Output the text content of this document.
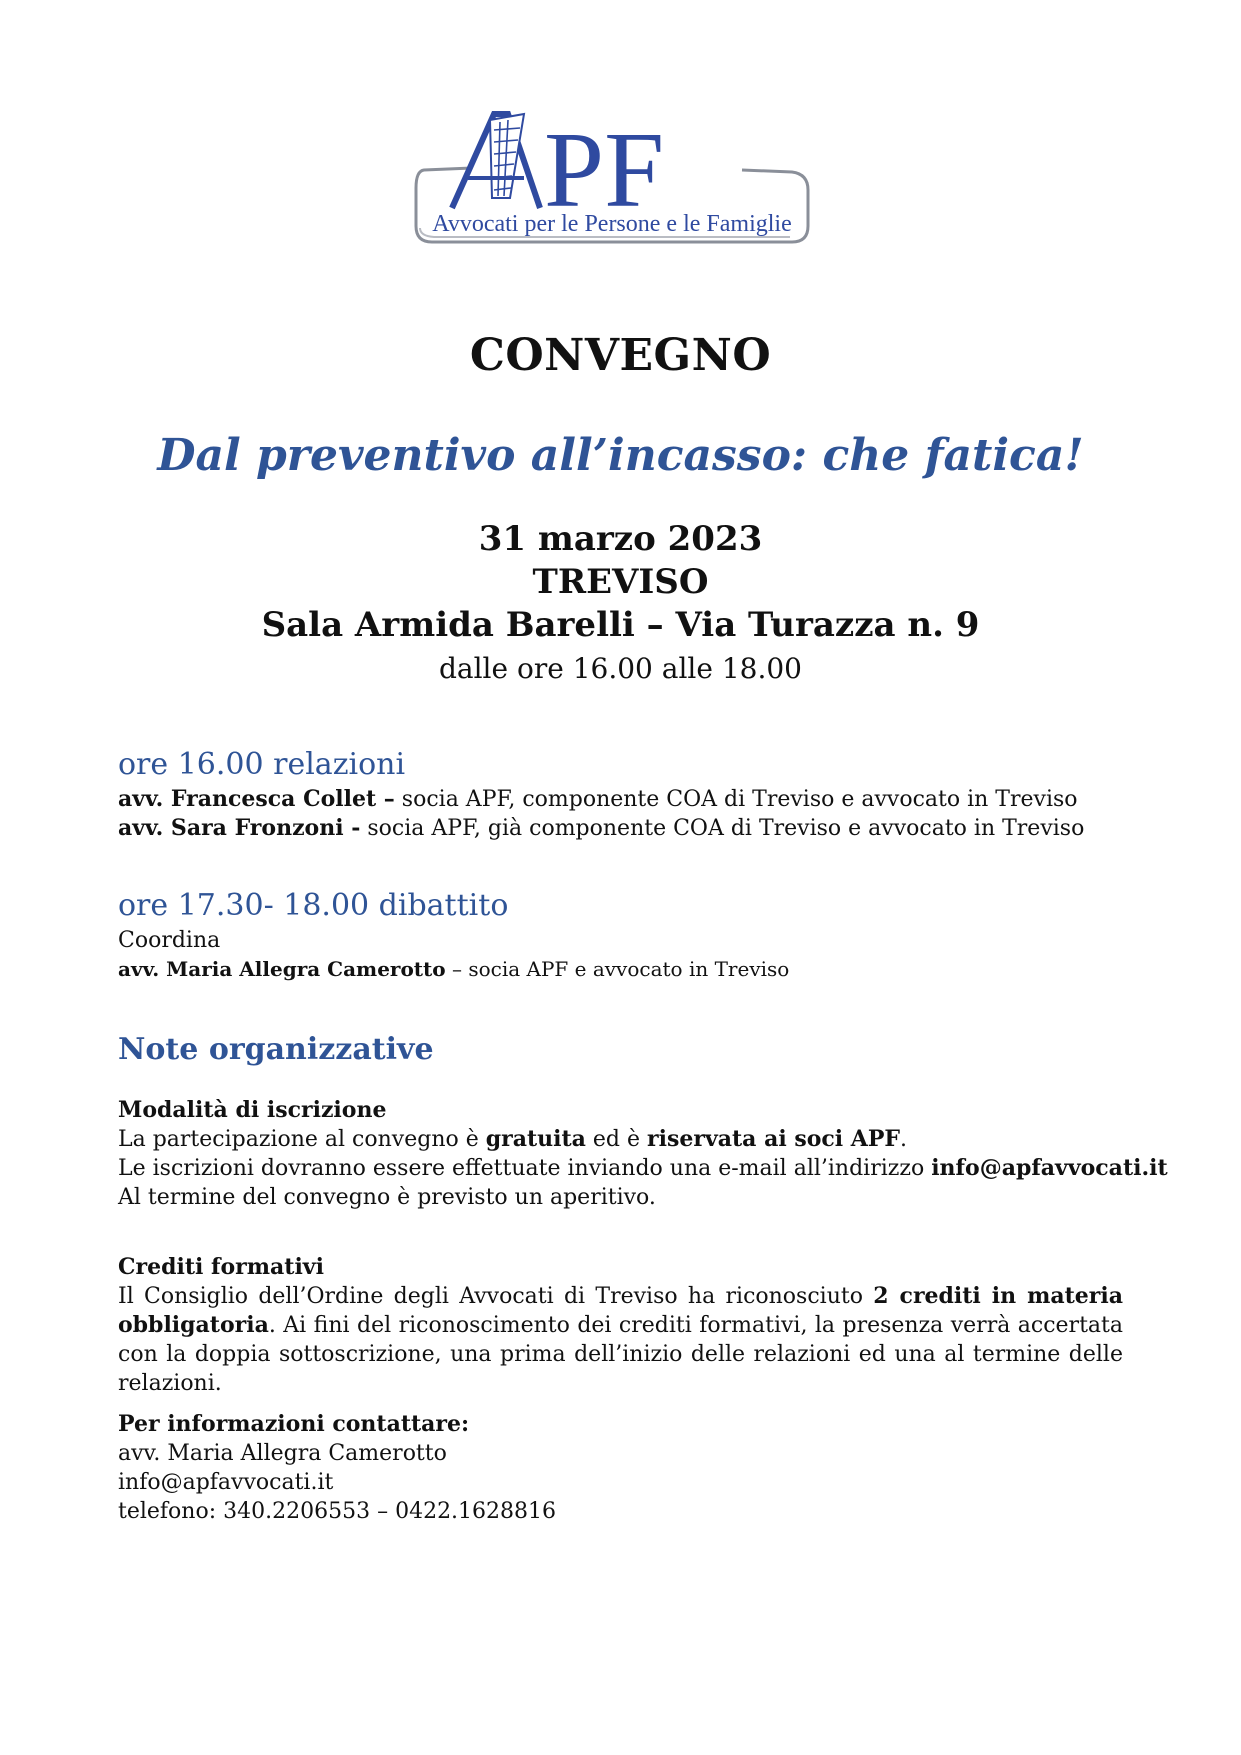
PF
Avvocati per le Persone e le Famiglie
CONVEGNO
Dal preventivo all’incasso: che fatica!
31 marzo 2023
TREVISO
Sala Armida Barelli – Via Turazza n. 9
dalle ore 16.00 alle 18.00
ore 16.00 relazioni
avv. Francesca Collet – socia APF, componente COA di Treviso e avvocato in Treviso
avv. Sara Fronzoni - socia APF, già componente COA di Treviso e avvocato in Treviso
ore 17.30- 18.00 dibattito
Coordina
avv. Maria Allegra Camerotto – socia APF e avvocato in Treviso
Note organizzative
Modalità di iscrizione
La partecipazione al convegno è gratuita ed è riservata ai soci APF.
Le iscrizioni dovranno essere effettuate inviando una e-mail all’indirizzo info@apfavvocati.it
Al termine del convegno è previsto un aperitivo.
Crediti formativi
Il Consiglio dell’Ordine degli Avvocati di Treviso ha riconosciuto 2 crediti in materia obbligatoria. Ai fini del riconoscimento dei crediti formativi, la presenza verrà accertata con la doppia sottoscrizione, una prima dell’inizio delle relazioni ed una al termine delle relazioni.
Per informazioni contattare:
avv. Maria Allegra Camerotto
info@apfavvocati.it
telefono: 340.2206553 – 0422.1628816
